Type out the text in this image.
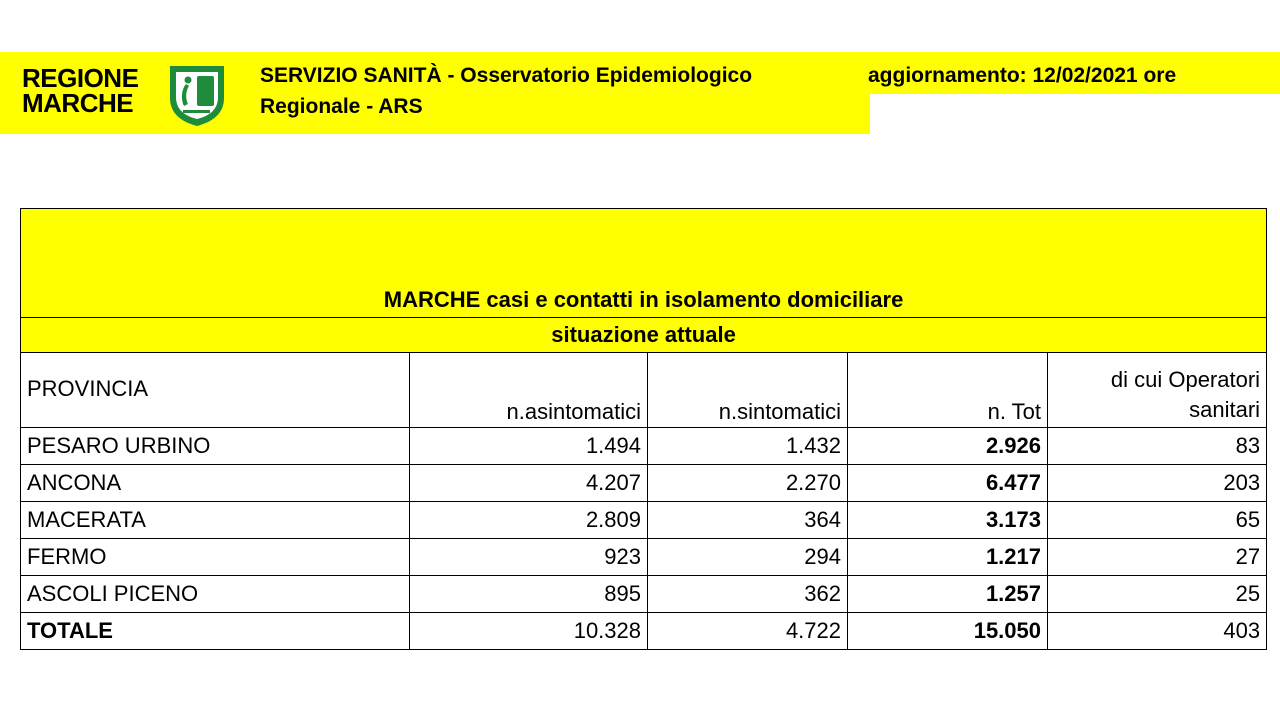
REGIONE
MARCHE
SERVIZIO SANITÀ - Osservatorio Epidemiologico
Regionale - ARS
aggiornamento: 12/02/2021 ore
MARCHE casi e contatti in isolamento domiciliare				
situazione attuale				
PROVINCIA	n.asintomatici	n.sintomatici	n. Tot	di cui Operatori
sanitari

PESARO URBINO	1.494	1.432	2.926	83
ANCONA	4.207	2.270	6.477	203
MACERATA	2.809	364	3.173	65
FERMO	923	294	1.217	27
ASCOLI PICENO	895	362	1.257	25
TOTALE	10.328	4.722	15.050	403
